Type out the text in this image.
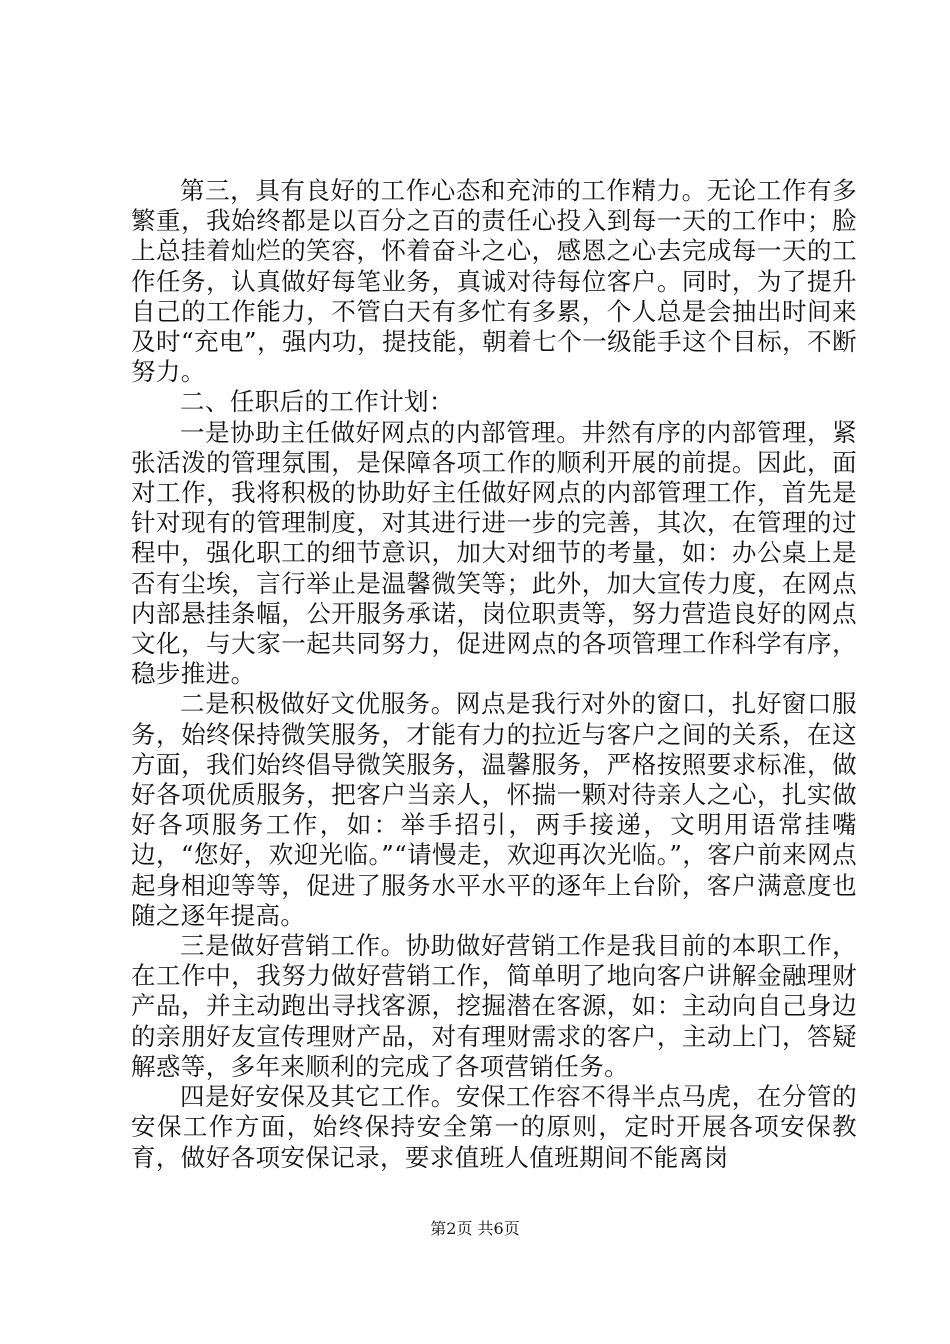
第三，具有良好的工作心态和充沛的工作精力。无论工作有多繁重，我始终都是以百分之百的责任心投入到每一天的工作中；脸上总挂着灿烂的笑容，怀着奋斗之心，感恩之心去完成每一天的工作任务，认真做好每笔业务，真诚对待每位客户。同时，为了提升自己的工作能力，不管白天有多忙有多累，个人总是会抽出时间来及时“充电”，强内功，提技能，朝着七个一级能手这个目标，不断努力。

二、任职后的工作计划：

一是协助主任做好网点的内部管理。井然有序的内部管理，紧张活泼的管理氛围，是保障各项工作的顺利开展的前提。因此，面对工作，我将积极的协助好主任做好网点的内部管理工作，首先是针对现有的管理制度，对其进行进一步的完善，其次，在管理的过程中，强化职工的细节意识，加大对细节的考量，如：办公桌上是否有尘埃，言行举止是温馨微笑等；此外，加大宣传力度，在网点内部悬挂条幅，公开服务承诺，岗位职责等，努力营造良好的网点文化，与大家一起共同努力，促进网点的各项管理工作科学有序，稳步推进。

二是积极做好文优服务。网点是我行对外的窗口，扎好窗口服务，始终保持微笑服务，才能有力的拉近与客户之间的关系，在这方面，我们始终倡导微笑服务，温馨服务，严格按照要求标准，做好各项优质服务，把客户当亲人，怀揣一颗对待亲人之心，扎实做好各项服务工作，如：举手招引，两手接递，文明用语常挂嘴边，“您好，欢迎光临。”“请慢走，欢迎再次光临。”，客户前来网点起身相迎等等，促进了服务水平水平的逐年上台阶，客户满意度也随之逐年提高。

三是做好营销工作。协助做好营销工作是我目前的本职工作，在工作中，我努力做好营销工作，简单明了地向客户讲解金融理财产品，并主动跑出寻找客源，挖掘潜在客源，如：主动向自己身边的亲朋好友宣传理财产品，对有理财需求的客户，主动上门，答疑解惑等，多年来顺利的完成了各项营销任务。

四是好安保及其它工作。安保工作容不得半点马虎，在分管的安保工作方面，始终保持安全第一的原则，定时开展各项安保教育，做好各项安保记录，要求值班人值班期间不能离岗

第2页 共6页
